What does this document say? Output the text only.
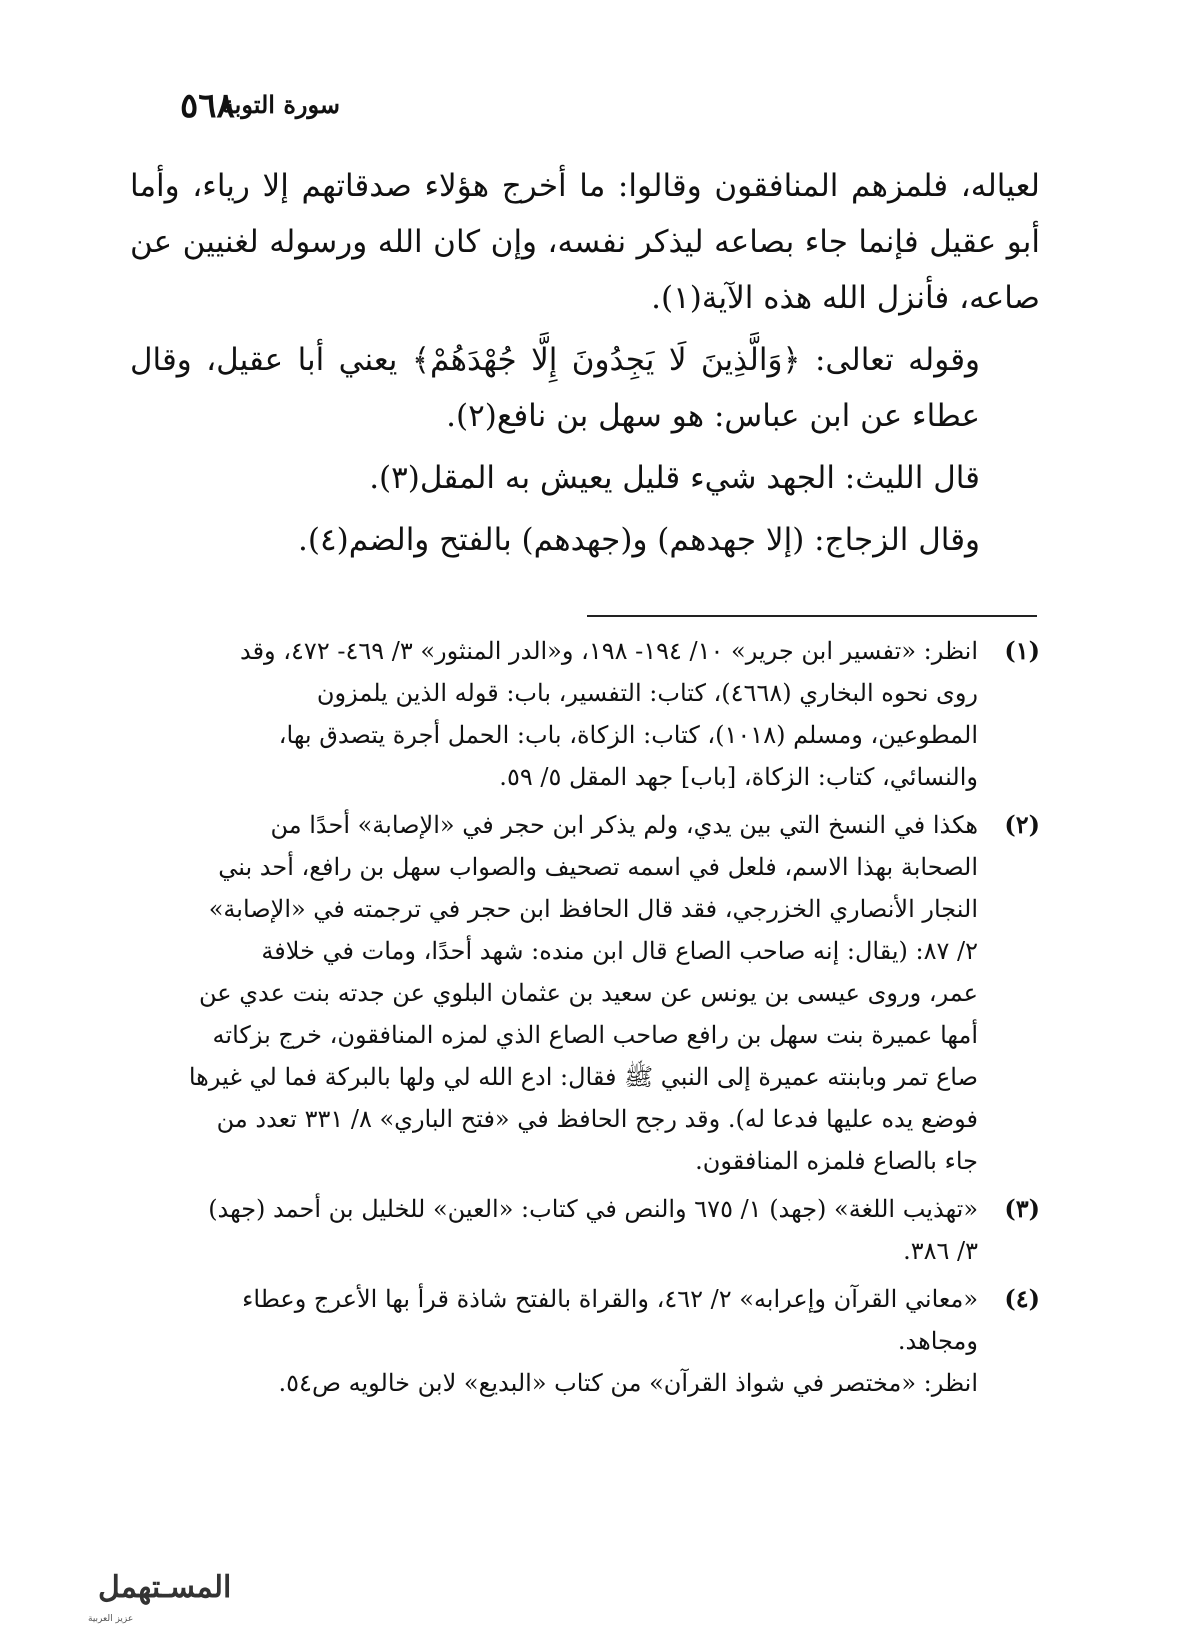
٥٦٨
سورة التوبة

لعياله، فلمزهم المنافقون وقالوا: ما أخرج هؤلاء صدقاتهم إلا رياء، وأما أبو عقيل فإنما جاء بصاعه ليذكر نفسه، وإن كان الله ورسوله لغنيين عن صاعه، فأنزل الله هذه الآية(١).

وقوله تعالى: ﴿وَالَّذِينَ لَا يَجِدُونَ إِلَّا جُهْدَهُمْ﴾ يعني أبا عقيل، وقال عطاء عن ابن عباس: هو سهل بن نافع(٢).

قال الليث: الجهد شيء قليل يعيش به المقل(٣).

وقال الزجاج: (إلا جهدهم) و(جهدهم) بالفتح والضم(٤).

(١)
انظر: «تفسير ابن جرير» ١٠/ ١٩٤- ١٩٨، و«الدر المنثور» ٣/ ٤٦٩- ٤٧٢، وقد
روى نحوه البخاري (٤٦٦٨)، كتاب: التفسير، باب: قوله الذين يلمزون
المطوعين، ومسلم (١٠١٨)، كتاب: الزكاة، باب: الحمل أجرة يتصدق بها،
والنسائي، كتاب: الزكاة، [باب] جهد المقل ٥/ ٥٩.
(٢)
هكذا في النسخ التي بين يدي، ولم يذكر ابن حجر في «الإصابة» أحدًا من
الصحابة بهذا الاسم، فلعل في اسمه تصحيف والصواب سهل بن رافع، أحد بني
النجار الأنصاري الخزرجي، فقد قال الحافظ ابن حجر في ترجمته في «الإصابة»
٢/ ٨٧: (يقال: إنه صاحب الصاع قال ابن منده: شهد أحدًا، ومات في خلافة
عمر، وروى عيسى بن يونس عن سعيد بن عثمان البلوي عن جدته بنت عدي عن
أمها عميرة بنت سهل بن رافع صاحب الصاع الذي لمزه المنافقون، خرج بزكاته
صاع تمر وبابنته عميرة إلى النبي ﷺ فقال: ادع الله لي ولها بالبركة فما لي غيرها
فوضع يده عليها فدعا له). وقد رجح الحافظ في «فتح الباري» ٨/ ٣٣١ تعدد من
جاء بالصاع فلمزه المنافقون.
(٣)
«تهذيب اللغة» (جهد) ١/ ٦٧٥ والنص في كتاب: «العين» للخليل بن أحمد (جهد)
٣/ ٣٨٦.
(٤)
«معاني القرآن وإعرابه» ٢/ ٤٦٢، والقراة بالفتح شاذة قرأ بها الأعرج وعطاء
ومجاهد.
انظر: «مختصر في شواذ القرآن» من كتاب «البديع» لابن خالويه ص٥٤.
المسـتهمل
عزيز العربية
